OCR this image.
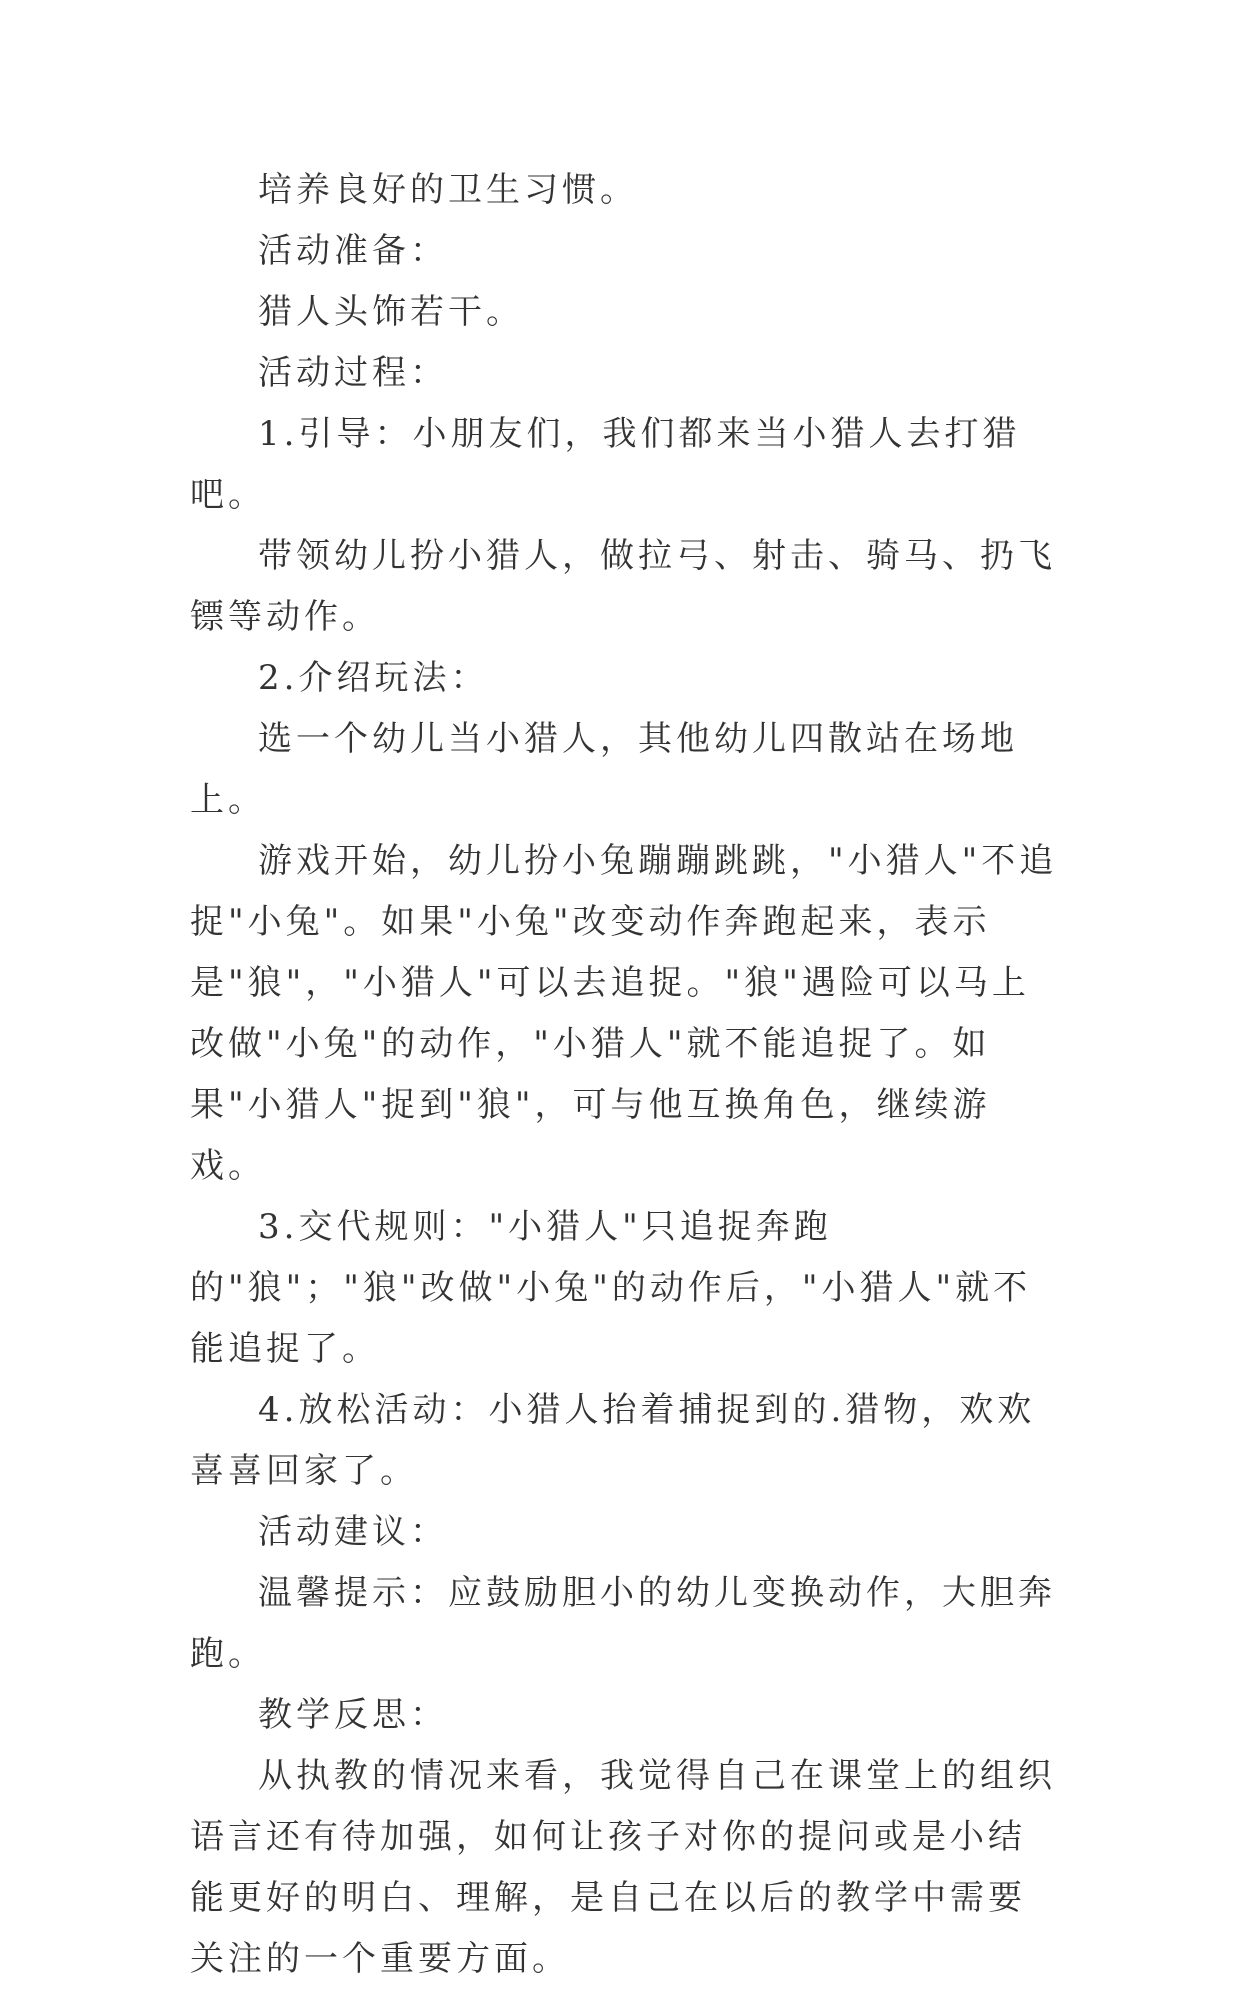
培养良好的卫生习惯。

活动准备：

猎人头饰若干。

活动过程：

1.引导：小朋友们，我们都来当小猎人去打猎吧。

带领幼儿扮小猎人，做拉弓、射击、骑马、扔飞镖等动作。

2.介绍玩法：

选一个幼儿当小猎人，其他幼儿四散站在场地上。

游戏开始，幼儿扮小兔蹦蹦跳跳，"小猎人"不追捉"小兔"。如果"小兔"改变动作奔跑起来，表示是"狼"，"小猎人"可以去追捉。"狼"遇险可以马上改做"小兔"的动作，"小猎人"就不能追捉了。如果"小猎人"捉到"狼"，可与他互换角色，继续游戏。

3.交代规则："小猎人"只追捉奔跑的"狼"；"狼"改做"小兔"的动作后，"小猎人"就不能追捉了。

4.放松活动：小猎人抬着捕捉到的.猎物，欢欢喜喜回家了。

活动建议：

温馨提示：应鼓励胆小的幼儿变换动作，大胆奔跑。

教学反思：

从执教的情况来看，我觉得自己在课堂上的组织语言还有待加强，如何让孩子对你的提问或是小结能更好的明白、理解，是自己在以后的教学中需要关注的一个重要方面。
